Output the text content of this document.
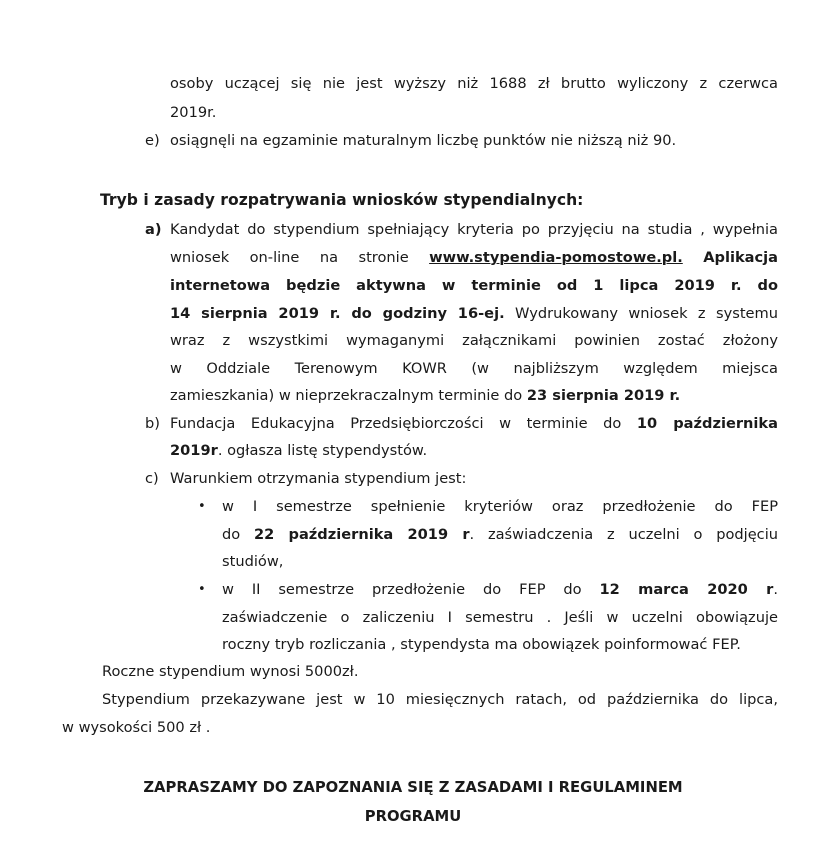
osoby uczącej się nie jest wyższy niż 1688 zł brutto wyliczony z czerwca
2019r.
e) osiągnęli na egzaminie maturalnym liczbę punktów nie niższą niż 90.
Tryb i zasady rozpatrywania wniosków stypendialnych:
a) Kandydat do stypendium spełniający kryteria po przyjęciu na studia , wypełnia
wniosek on-line na stronie www.stypendia-pomostowe.pl. Aplikacja
internetowa będzie aktywna w terminie od 1 lipca 2019 r. do
14 sierpnia 2019 r. do godziny 16-ej. Wydrukowany wniosek z systemu
wraz z wszystkimi wymaganymi załącznikami powinien zostać złożony
w Oddziale Terenowym KOWR (w najbliższym względem miejsca
zamieszkania) w nieprzekraczalnym terminie do 23 sierpnia 2019 r.
b) Fundacja Edukacyjna Przedsiębiorczości w terminie do 10 października
2019r. ogłasza listę stypendystów.
c) Warunkiem otrzymania stypendium jest:
• w I semestrze spełnienie kryteriów oraz przedłożenie do FEP
do 22 października 2019 r. zaświadczenia z uczelni o podjęciu
studiów,
• w II semestrze przedłożenie do FEP do 12 marca 2020 r.
zaświadczenie o zaliczeniu I semestru . Jeśli w uczelni obowiązuje
roczny tryb rozliczania , stypendysta ma obowiązek poinformować FEP.
Roczne stypendium wynosi 5000zł.
Stypendium przekazywane jest w 10 miesięcznych ratach, od października do lipca,
w wysokości 500 zł .
ZAPRASZAMY DO ZAPOZNANIA SIĘ Z ZASADAMI I REGULAMINEM
PROGRAMU
